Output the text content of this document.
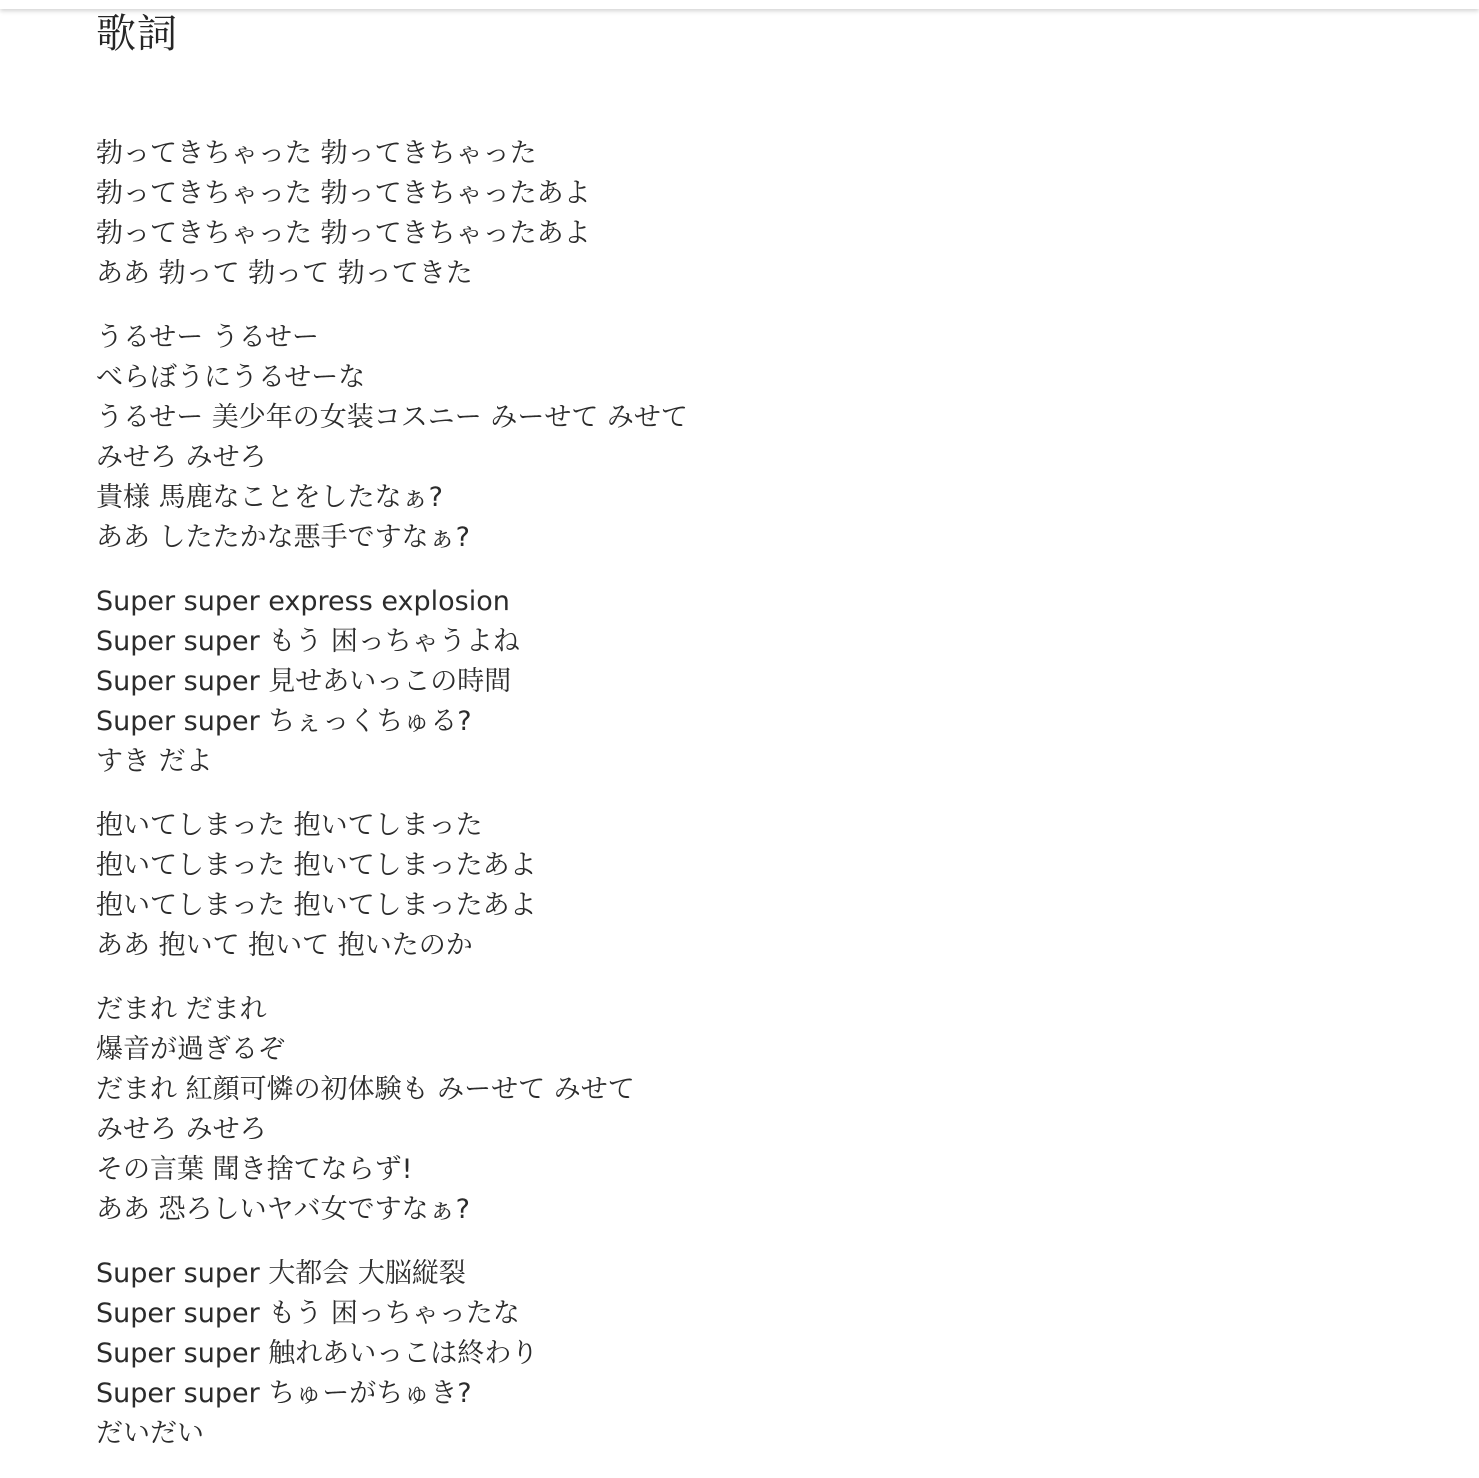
歌詞
勃ってきちゃった 勃ってきちゃった
勃ってきちゃった 勃ってきちゃったあよ
勃ってきちゃった 勃ってきちゃったあよ
ああ 勃って 勃って 勃ってきた
うるせー うるせー
べらぼうにうるせーな
うるせー 美少年の女装コスニー みーせて みせて
みせろ みせろ
貴様 馬鹿なことをしたなぁ?
ああ したたかな悪手ですなぁ?
Super super express explosion
Super super もう 困っちゃうよね
Super super 見せあいっこの時間
Super super ちぇっくちゅる?
すき だよ
抱いてしまった 抱いてしまった
抱いてしまった 抱いてしまったあよ
抱いてしまった 抱いてしまったあよ
ああ 抱いて 抱いて 抱いたのか
だまれ だまれ
爆音が過ぎるぞ
だまれ 紅顔可憐の初体験も みーせて みせて
みせろ みせろ
その言葉 聞き捨てならず!
ああ 恐ろしいヤバ女ですなぁ?
Super super 大都会 大脳縦裂
Super super もう 困っちゃったな
Super super 触れあいっこは終わり
Super super ちゅーがちゅき?
だいだい
